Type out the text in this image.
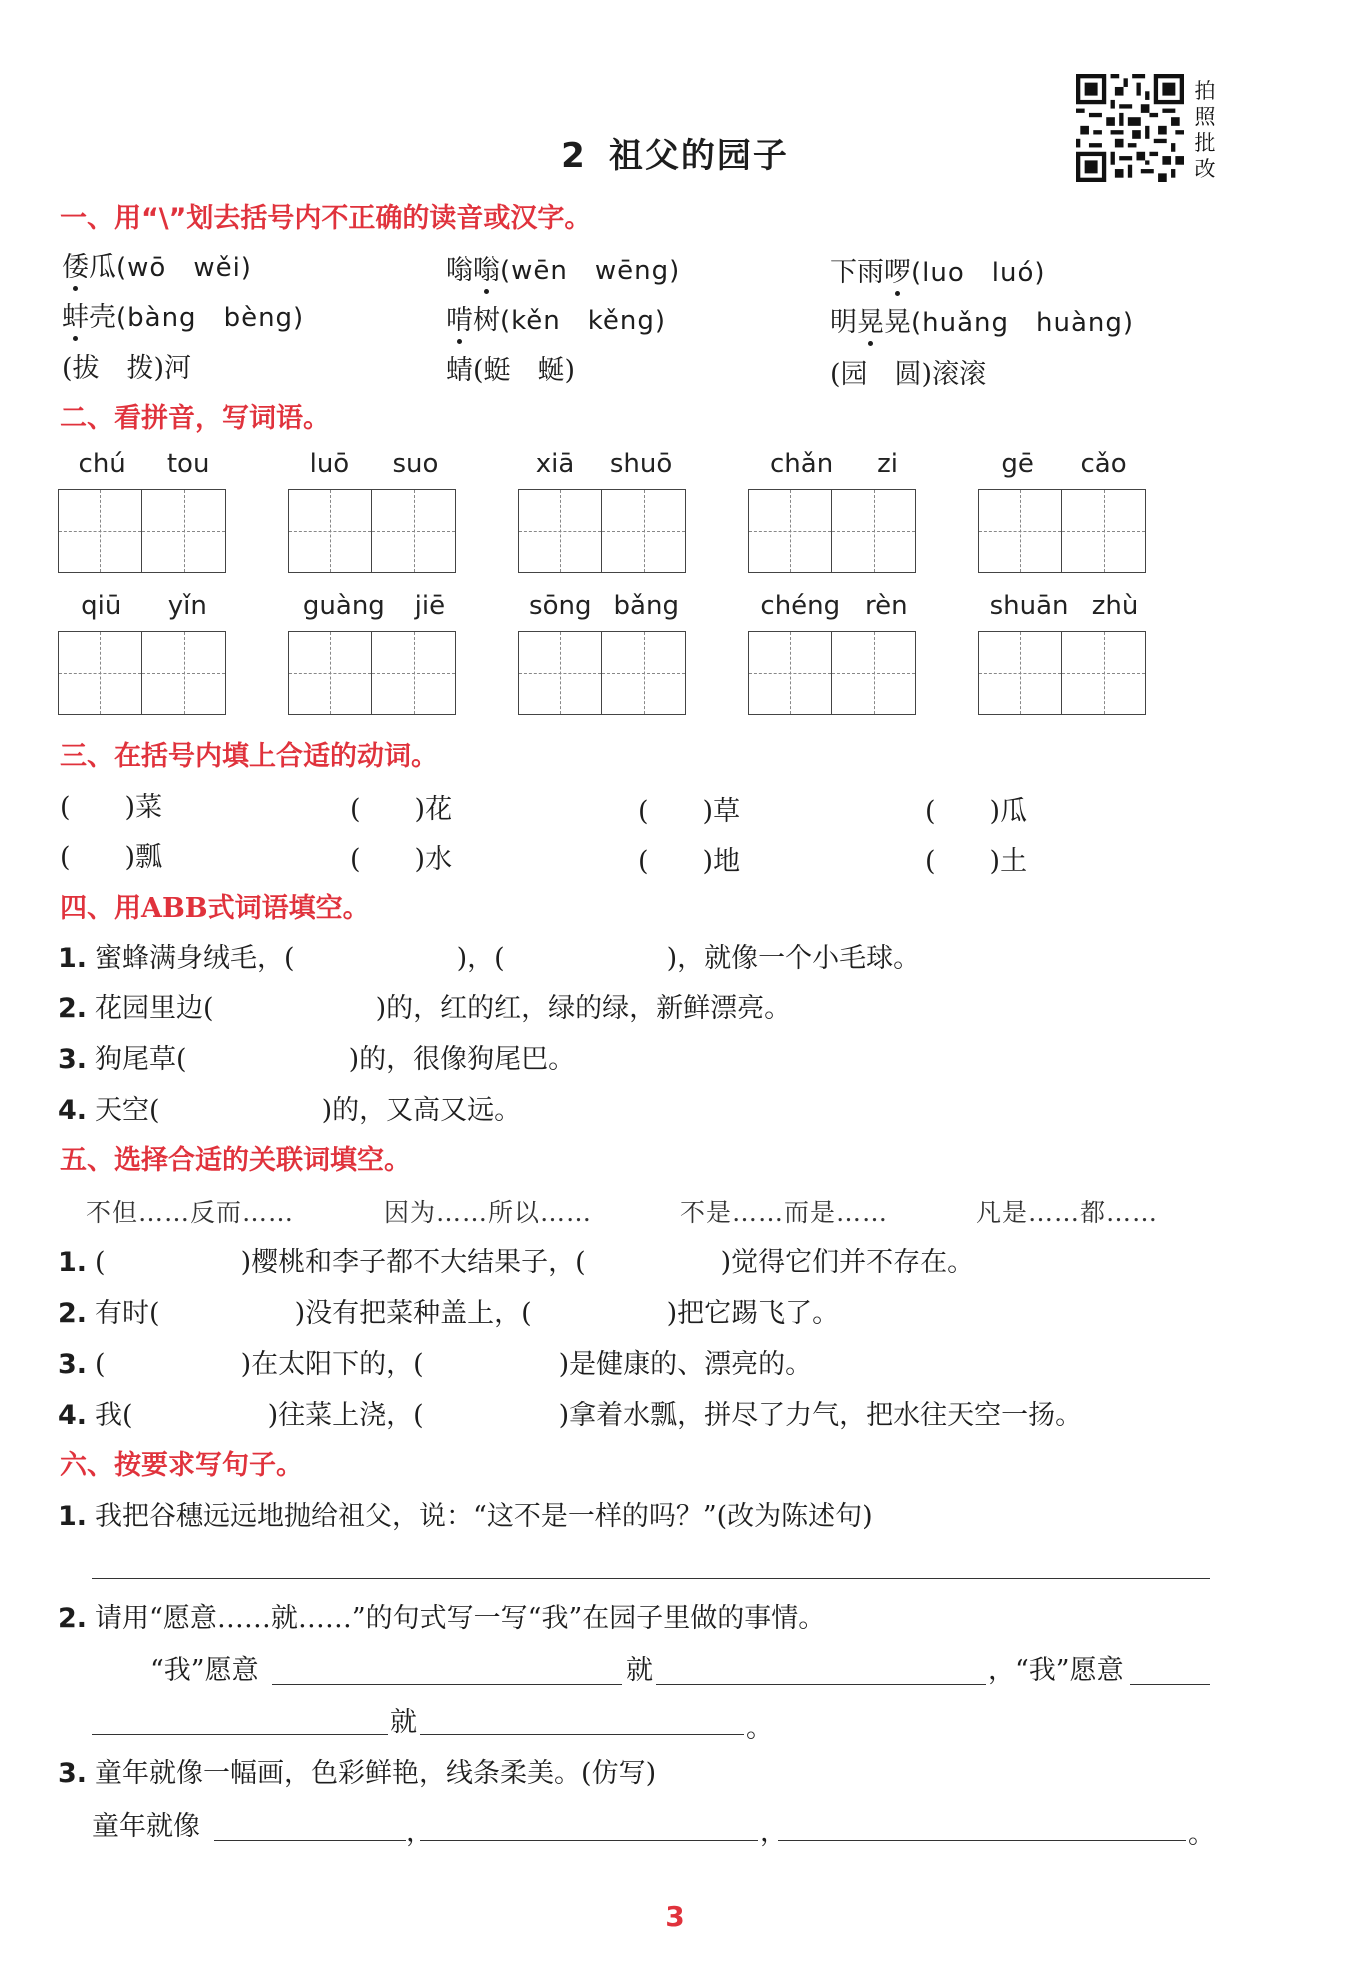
2 祖父的园子
拍
照
批
改
一、用“\”划去括号内不正确的读音或汉字。
倭瓜(wō　wěi)	嗡嗡(wēn　wēng)	下雨啰(luo　luó)
蚌壳(bàng　bèng)	啃树(kěn　kěng)	明晃晃(huǎng　huàng)
(拔　拨)河	蜻(蜓　蜒)	(园　圆)滚滚
二、看拼音，写词语。
chú tou	luō suo	xiā shuō	chǎn zi	gē cǎo
qiū yǐn	guàng jiē	sōng bǎng	chéng rèn	shuān zhù
三、在括号内填上合适的动词。
(　　)菜	(　　)花	(　　)草	(　　)瓜
(　　)瓢	(　　)水	(　　)地	(　　)土
四、用ABB式词语填空。
1. 蜜蜂满身绒毛，(　　　　　　)，(　　　　　　)，就像一个小毛球。
2. 花园里边(　　　　　　)的，红的红，绿的绿，新鲜漂亮。
3. 狗尾草(　　　　　　)的，很像狗尾巴。
4. 天空(　　　　　　)的，又高又远。
五、选择合适的关联词填空。
不但……反而……	因为……所以……	不是……而是……	凡是……都……
1. (　　　　　)樱桃和李子都不大结果子，(　　　　　)觉得它们并不存在。
2. 有时(　　　　　)没有把菜种盖上，(　　　　　)把它踢飞了。
3. (　　　　　)在太阳下的，(　　　　　)是健康的、漂亮的。
4. 我(　　　　　)往菜上浇，(　　　　　)拿着水瓢，拼尽了力气，把水往天空一扬。
六、按要求写句子。
1. 我把谷穗远远地抛给祖父，说：“这不是一样的吗？”(改为陈述句)
2. 请用“愿意……就……”的句式写一写“我”在园子里做的事情。
“我”愿意	就	，“我”愿意
就	。
3. 童年就像一幅画，色彩鲜艳，线条柔美。(仿写)
童年就像	，	，	。
3
